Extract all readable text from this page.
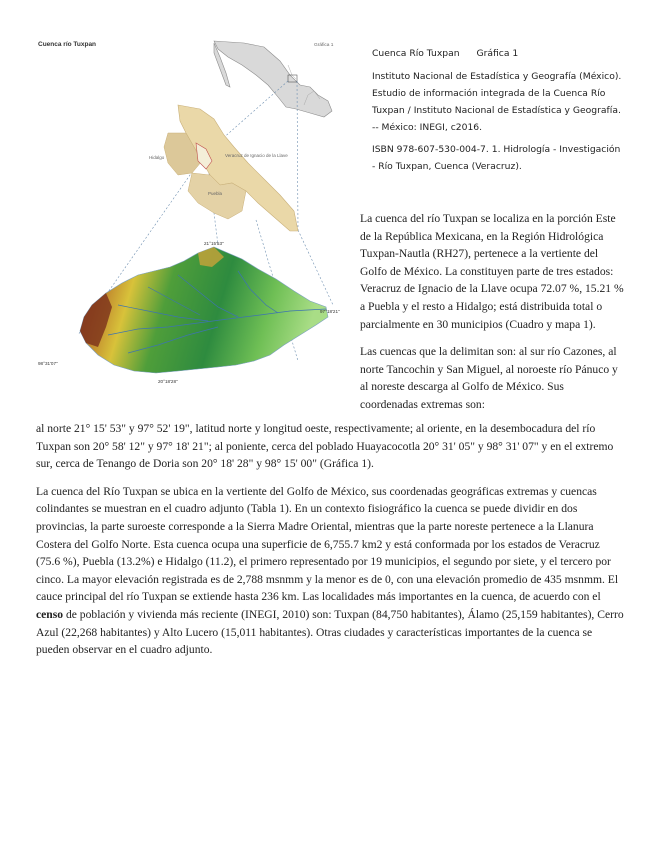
Cuenca río Tuxpan	Gráfica 1
Hidalgo
Puebla
Veracruz de Ignacio de la Llave
21°15'53"
97°18'21"
98°31'07"
20°18'28"

Cuenca Río Tuxpan Gráfica 1

Instituto Nacional de Estadística y Geografía (México). Estudio de información integrada de la Cuenca Río Tuxpan / Instituto Nacional de Estadística y Geografía. -- México: INEGI, c2016.

ISBN 978-607-530-004-7. 1. Hidrología - Investigación - Río Tuxpan, Cuenca (Veracruz).

La cuenca del río Tuxpan se localiza en la porción Este de la República Mexicana, en la Región Hidrológica Tuxpan-Nautla (RH27), pertenece a la vertiente del Golfo de México. La constituyen parte de tres estados: Veracruz de Ignacio de la Llave ocupa 72.07 %, 15.21 % a Puebla y el resto a Hidalgo; está distribuida total o parcialmente en 30 municipios (Cuadro y mapa 1).

Las cuencas que la delimitan son: al sur río Cazones, al norte Tancochin y San Miguel, al noroeste río Pánuco y al noreste descarga al Golfo de México. Sus coordenadas extremas son:

al norte 21° 15' 53" y 97° 52' 19", latitud norte y longitud oeste, respectivamente; al oriente, en la desembocadura del río Tuxpan son 20° 58' 12" y 97° 18' 21"; al poniente, cerca del poblado Huayacocotla 20° 31' 05" y 98° 31' 07" y en el extremo sur, cerca de Tenango de Doria son 20° 18' 28" y 98° 15' 00" (Gráfica 1).

La cuenca del Río Tuxpan se ubica en la vertiente del Golfo de México, sus coordenadas geográficas extremas y cuencas colindantes se muestran en el cuadro adjunto (Tabla 1). En un contexto fisiográfico la cuenca se puede dividir en dos provincias, la parte suroeste corresponde a la Sierra Madre Oriental, mientras que la parte noreste pertenece a la Llanura Costera del Golfo Norte. Esta cuenca ocupa una superficie de 6,755.7 km2 y está conformada por los estados de Veracruz (75.6 %), Puebla (13.2%) e Hidalgo (11.2), el primero representado por 19 municipios, el segundo por siete, y el tercero por cinco. La mayor elevación registrada es de 2,788 msnmm y la menor es de 0, con una elevación promedio de 435 msnmm. El cauce principal del río Tuxpan se extiende hasta 236 km. Las localidades más importantes en la cuenca, de acuerdo con el censo de población y vivienda más reciente (INEGI, 2010) son: Tuxpan (84,750 habitantes), Álamo (25,159 habitantes), Cerro Azul (22,268 habitantes) y Alto Lucero (15,011 habitantes). Otras ciudades y características importantes de la cuenca se pueden observar en el cuadro adjunto.
